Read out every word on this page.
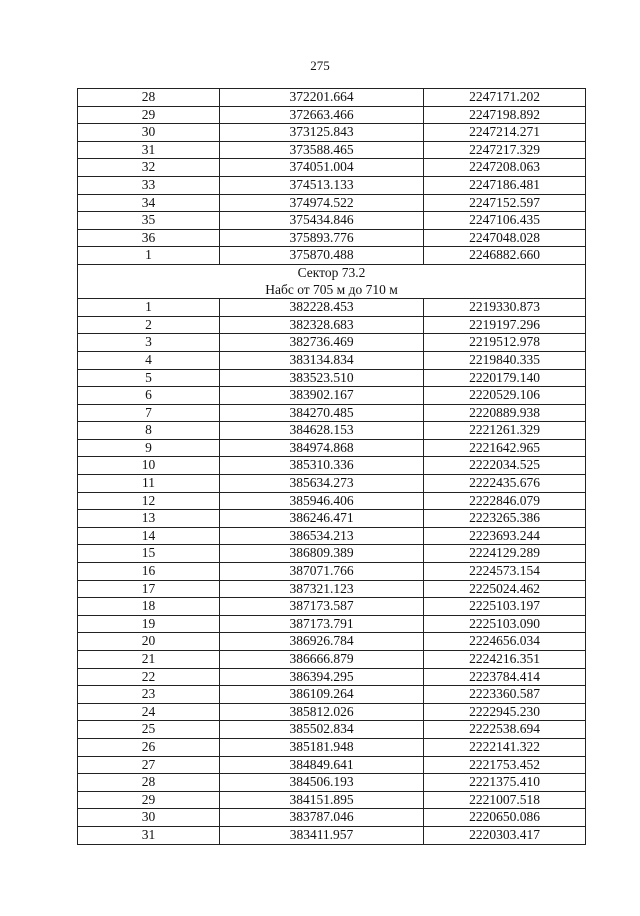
275
28	372201.664	2247171.202
29	372663.466	2247198.892
30	373125.843	2247214.271
31	373588.465	2247217.329
32	374051.004	2247208.063
33	374513.133	2247186.481
34	374974.522	2247152.597
35	375434.846	2247106.435
36	375893.776	2247048.028
1	375870.488	2246882.660

Сектор 73.2
Набс от 705 м до 710 м		

1	382228.453	2219330.873
2	382328.683	2219197.296
3	382736.469	2219512.978
4	383134.834	2219840.335
5	383523.510	2220179.140
6	383902.167	2220529.106
7	384270.485	2220889.938
8	384628.153	2221261.329
9	384974.868	2221642.965
10	385310.336	2222034.525
11	385634.273	2222435.676
12	385946.406	2222846.079
13	386246.471	2223265.386
14	386534.213	2223693.244
15	386809.389	2224129.289
16	387071.766	2224573.154
17	387321.123	2225024.462
18	387173.587	2225103.197
19	387173.791	2225103.090
20	386926.784	2224656.034
21	386666.879	2224216.351
22	386394.295	2223784.414
23	386109.264	2223360.587
24	385812.026	2222945.230
25	385502.834	2222538.694
26	385181.948	2222141.322
27	384849.641	2221753.452
28	384506.193	2221375.410
29	384151.895	2221007.518
30	383787.046	2220650.086
31	383411.957	2220303.417
